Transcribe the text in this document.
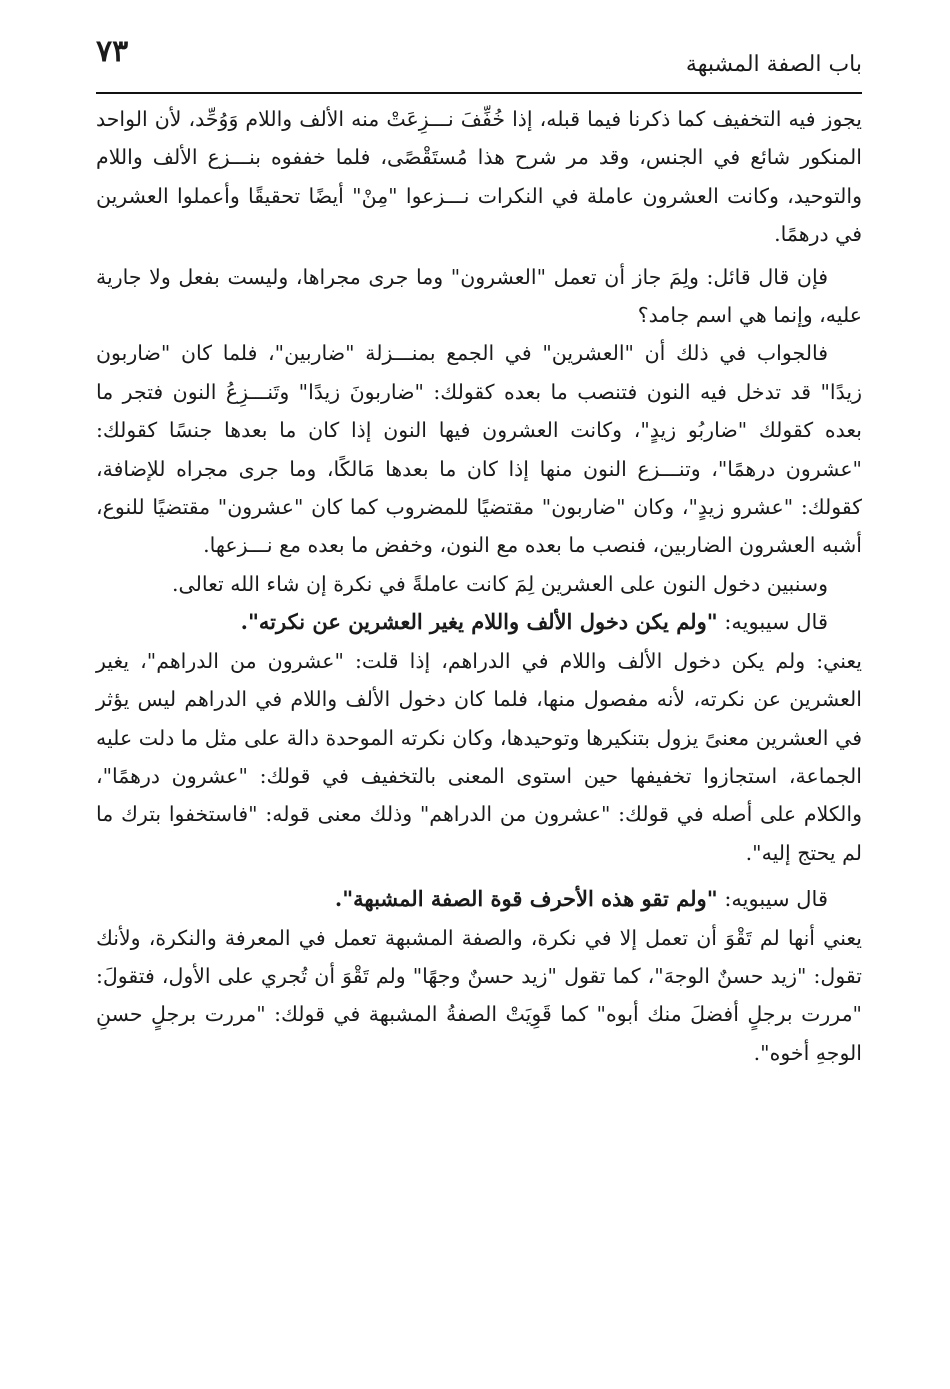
٧٣	باب الصفة المشبهة

يجوز فيه التخفيف كما ذكرنا فيما قبله، إذا خُفِّفَ نـــزِعَتْ منه الألف واللام وَوُحِّد، لأن الواحد المنكور شائع في الجنس، وقد مر شرح هذا مُستَقْصًى، فلما خففوه بنـــزع الألف واللام والتوحيد، وكانت العشرون عاملة في النكرات نـــزعوا "مِنْ" أيضًا تحقيقًا وأعملوا العشرين في درهمًا.

فإن قال قائل: ولِمَ جاز أن تعمل "العشرون" وما جرى مجراها، وليست بفعل ولا جارية عليه، وإنما هي اسم جامد؟

فالجواب في ذلك أن "العشرين" في الجمع بمنـــزلة "ضاربين"، فلما كان "ضاربون زيدًا" قد تدخل فيه النون فتنصب ما بعده كقولك: "ضاربونَ زيدًا" وتَنـــزِعُ النون فتجر ما بعده كقولك "ضاربُو زيدٍ"، وكانت العشرون فيها النون إذا كان ما بعدها جنسًا كقولك: "عشرون درهمًا"، وتنـــزع النون منها إذا كان ما بعدها مَالكًا، وما جرى مجراه للإضافة، كقولك: "عشرو زيدٍ"، وكان "ضاربون" مقتضيًا للمضروب كما كان "عشرون" مقتضيًا للنوع، أشبه العشرون الضاربين، فنصب ما بعده مع النون، وخفض ما بعده مع نـــزعها.

وسنبين دخول النون على العشرين لِمَ كانت عاملةً في نكرة إن شاء الله تعالى.

قال سيبويه: "ولم يكن دخول الألف واللام يغير العشرين عن نكرته".

يعني: ولم يكن دخول الألف واللام في الدراهم، إذا قلت: "عشرون من الدراهم"، يغير العشرين عن نكرته، لأنه مفصول منها، فلما كان دخول الألف واللام في الدراهم ليس يؤثر في العشرين معنىً يزول بتنكيرها وتوحيدها، وكان نكرته الموحدة دالة على مثل ما دلت عليه الجماعة، استجازوا تخفيفها حين استوى المعنى بالتخفيف في قولك: "عشرون درهمًا"، والكلام على أصله في قولك: "عشرون من الدراهم" وذلك معنى قوله: "فاستخفوا بترك ما لم يحتج إليه".

قال سيبويه: "ولم تقو هذه الأحرف قوة الصفة المشبهة".

يعني أنها لم تَقْوَ أن تعمل إلا في نكرة، والصفة المشبهة تعمل في المعرفة والنكرة، ولأنك تقول: "زيد حسنٌ الوجهَ"، كما تقول "زيد حسنٌ وجهًا" ولم تَقْوَ أن تُجري على الأول، فتقولَ: "مررت برجلٍ أفضلَ منك أبوه" كما قَوِيَتْ الصفةُ المشبهة في قولك: "مررت برجلٍ حسنِ الوجهِ أخوه".
